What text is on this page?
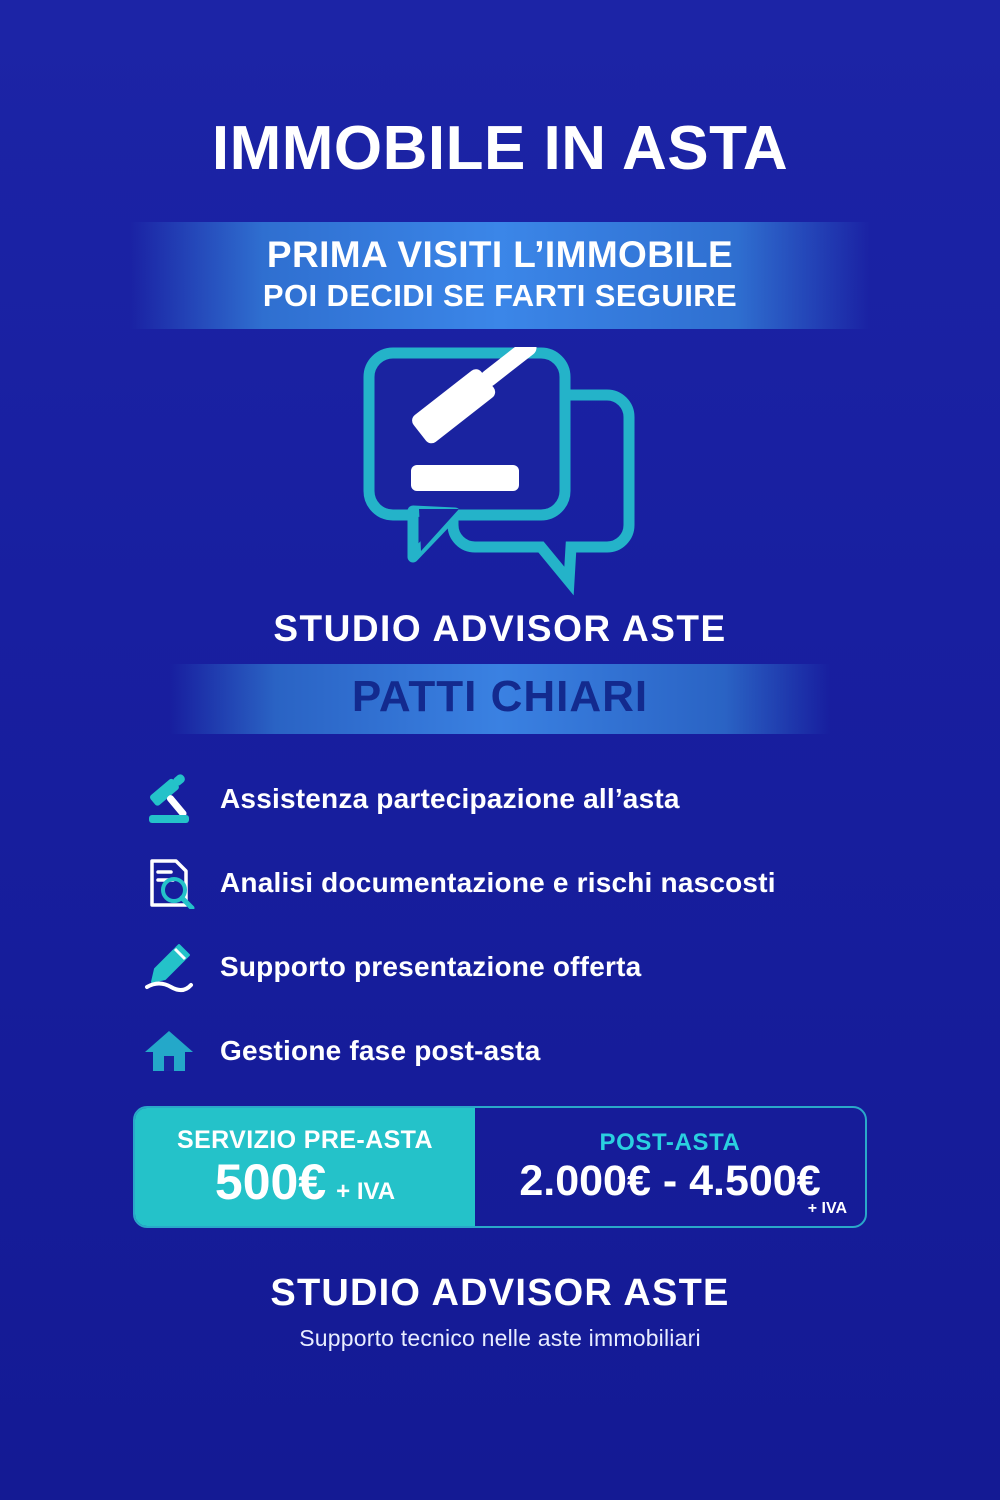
IMMOBILE IN ASTA
PRIMA VISITI L’IMMOBILE
POI DECIDI SE FARTI SEGUIRE
STUDIO ADVISOR ASTE
PATTI CHIARI
Assistenza partecipazione all’asta
Analisi documentazione e rischi nascosti
Supporto presentazione offerta
Gestione fase post-asta
SERVIZIO PRE-ASTA
500€ + IVA
POST-ASTA
2.000€ - 4.500€
+ IVA
STUDIO ADVISOR ASTE
Supporto tecnico nelle aste immobiliari
